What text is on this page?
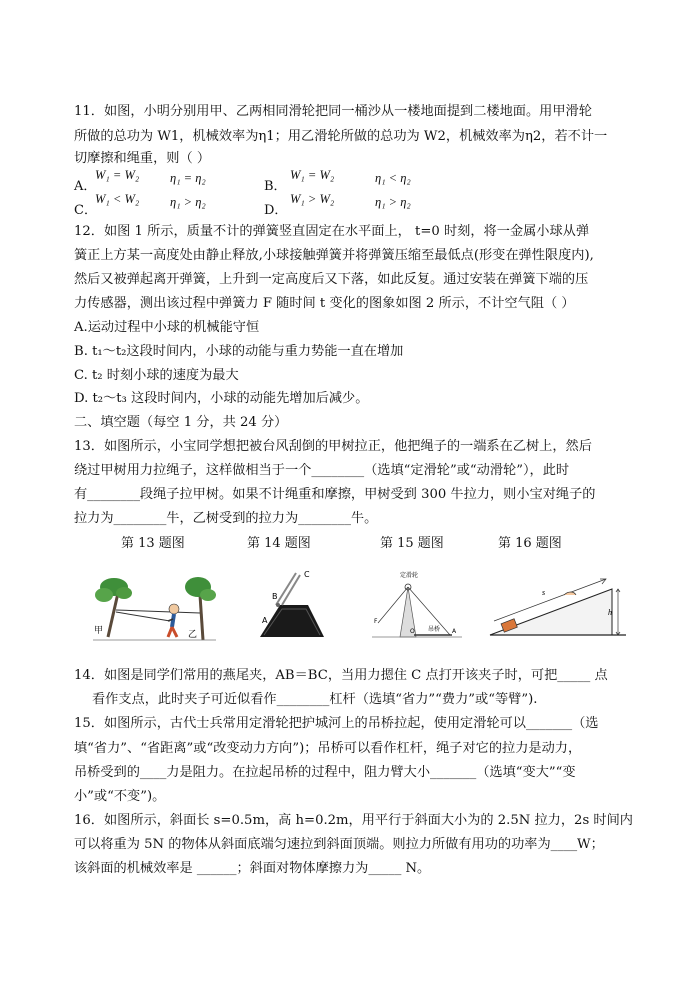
11．如图，小明分别用甲、乙两相同滑轮把同一桶沙从一楼地面提到二楼地面。用甲滑轮
所做的总功为 W1，机械效率为η1；用乙滑轮所做的总功为 W2，机械效率为η2，若不计一
切摩擦和绳重，则（ ）
A．
W₁ = W₂ η₁ = η₂
B．
W₁ = W₂	η₁ < η₂
C．
W₁ < W₂ η₁ > η₂
D．
W₁ > W₂	η₁ > η₂
12．如图 1 所示，质量不计的弹簧竖直固定在水平面上， t=0 时刻，将一金属小球从弹
簧正上方某一高度处由静止释放,小球接触弹簧并将弹簧压缩至最低点(形变在弹性限度内),
然后又被弹起离开弹簧，上升到一定高度后又下落，如此反复。通过安装在弹簧下端的压
力传感器，测出该过程中弹簧力 F 随时间 t 变化的图象如图 2 所示，不计空气阻（ ）
A.运动过程中小球的机械能守恒
B. t₁～t₂这段时间内，小球的动能与重力势能一直在增加
C. t₂ 时刻小球的速度为最大
D. t₂～t₃ 这段时间内，小球的动能先增加后减少。
二、填空题（每空 1 分，共 24 分）
13．如图所示，小宝同学想把被台风刮倒的甲树拉正，他把绳子的一端系在乙树上，然后
绕过甲树用力拉绳子，这样做相当于一个________（选填“定滑轮”或“动滑轮”），此时
有________段绳子拉甲树。如果不计绳重和摩擦，甲树受到 300 牛拉力，则小宝对绳子的
拉力为________牛，乙树受到的拉力为________牛。
第 13 题图	第 14 题图	第 15 题图	第 16 题图
甲	乙
B
C
A
定滑轮
F
O 吊桥 A
s
h
14．如图是同学们常用的燕尾夹，AB＝BC，当用力摁住 C 点打开该夹子时，可把_____ 点
看作支点，此时夹子可近似看作________杠杆（选填“省力”“费力”或“等臂”).
15．如图所示，古代士兵常用定滑轮把护城河上的吊桥拉起，使用定滑轮可以_______（选
填“省力”、“省距离”或“改变动力方向”)；吊桥可以看作杠杆，绳子对它的拉力是动力，
吊桥受到的____力是阻力。在拉起吊桥的过程中，阻力臂大小_______（选填“变大”“变
小”或“不变”)。
16．如图所示，斜面长 s=0.5m，高 h=0.2m，用平行于斜面大小为的 2.5N 拉力，2s 时间内
可以将重为 5N 的物体从斜面底端匀速拉到斜面顶端。则拉力所做有用功的功率为____W；
该斜面的机械效率是 ______；斜面对物体摩擦力为_____ N。
